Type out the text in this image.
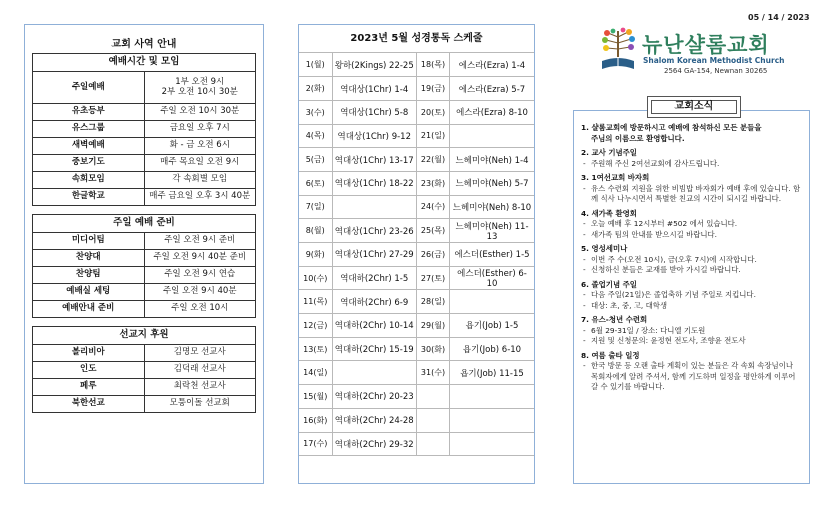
05 / 14 / 2023
뉴난샬롬교회
Shalom Korean Methodist Church
2564 GA-154, Newnan 30265
교회 사역 안내
예배시간 및 모임	
주일예배	1부 오전 9시
2부 오전 10시 30분

유초등부	주일 오전 10시 30분
유스그룹	금요일 오후 7시
새벽예배	화 - 금 오전 6시
중보기도	매주 목요일 오전 9시
속회모임	각 속회별 모임
한글학교	매주 금요일 오후 3시 40분
주일 예배 준비	
미디어팀	주일 오전 9시 준비
찬양대	주일 오전 9시 40분 준비
찬양팀	주일 오전 9시 연습
예배실 세팅	주일 오전 9시 40분
예배안내 준비	주일 오전 10시
선교지 후원	
볼리비아	김명모 선교사
인도	김덕래 선교사
페루	최락천 선교사
북한선교	모퉁이돌 선교회
2023년 5월 성경통독 스케줄
1(월)	왕하(2Kings) 22-25	18(목)	에스라(Ezra) 1-4
2(화)	역대상(1Chr) 1-4	19(금)	에스라(Ezra) 5-7
3(수)	역대상(1Chr) 5-8	20(토)	에스라(Ezra) 8-10
4(목)	역대상(1Chr) 9-12	21(일)	
5(금)	역대상(1Chr) 13-17	22(월)	느헤미야(Neh) 1-4
6(토)	역대상(1Chr) 18-22	23(화)	느헤미야(Neh) 5-7
7(일)		24(수)	느헤미야(Neh) 8-10
8(월)	역대상(1Chr) 23-26	25(목)	느헤미야(Neh) 11-13
9(화)	역대상(1Chr) 27-29	26(금)	에스더(Esther) 1-5
10(수)	역대하(2Chr) 1-5	27(토)	에스더(Esther) 6-10
11(목)	역대하(2Chr) 6-9	28(일)	
12(금)	역대하(2Chr) 10-14	29(월)	욥기(Job) 1-5
13(토)	역대하(2Chr) 15-19	30(화)	욥기(Job) 6-10
14(일)		31(수)	욥기(Job) 11-15
15(월)	역대하(2Chr) 20-23		
16(화)	역대하(2Chr) 24-28		
17(수)	역대하(2Chr) 29-32		
교회소식
1. 샬롬교회에 방문하시고 예배에 참석하신 모든 분들을
주님의 이름으로 환영합니다.
2. 교사 기념주일
- 주원해 주신 2여선교회에 감사드립니다.
3. 1여선교회 바자회
- 유스 수련회 지원을 위한 비빔밥 바자회가 예배 후에 있습니다. 함께 식사 나누시면서 특별한 친교의 시간이 되시길 바랍니다.
4. 새가족 환영회
- 오늘 예배 후 12시부터 #502 에서 있습니다.
- 새가족 팀의 안내를 받으시길 바랍니다.
5. 영성세미나
- 이번 주 수(오전 10시), 금(오후 7시)에 시작합니다.
- 신청하신 분들은 교재를 받아 가시길 바랍니다.
6. 졸업기념 주일
- 다음 주일(21일)은 졸업축하 기념 주일로 지킵니다.
- 대상: 초, 중, 고, 대학생
7. 유스-청년 수련회
- 6월 29-31일 / 장소: 다니엘 기도원
- 지원 및 신청문의: 윤정현 전도사, 조향윤 전도사
8. 여름 출타 일정
- 한국 방문 등 오랜 출타 계획이 있는 분들은 각 속회 속장님이나 목회자에게 알려 주셔서, 함께 기도하며 일정을 평안하게 이루어 갈 수 있기를 바랍니다.
